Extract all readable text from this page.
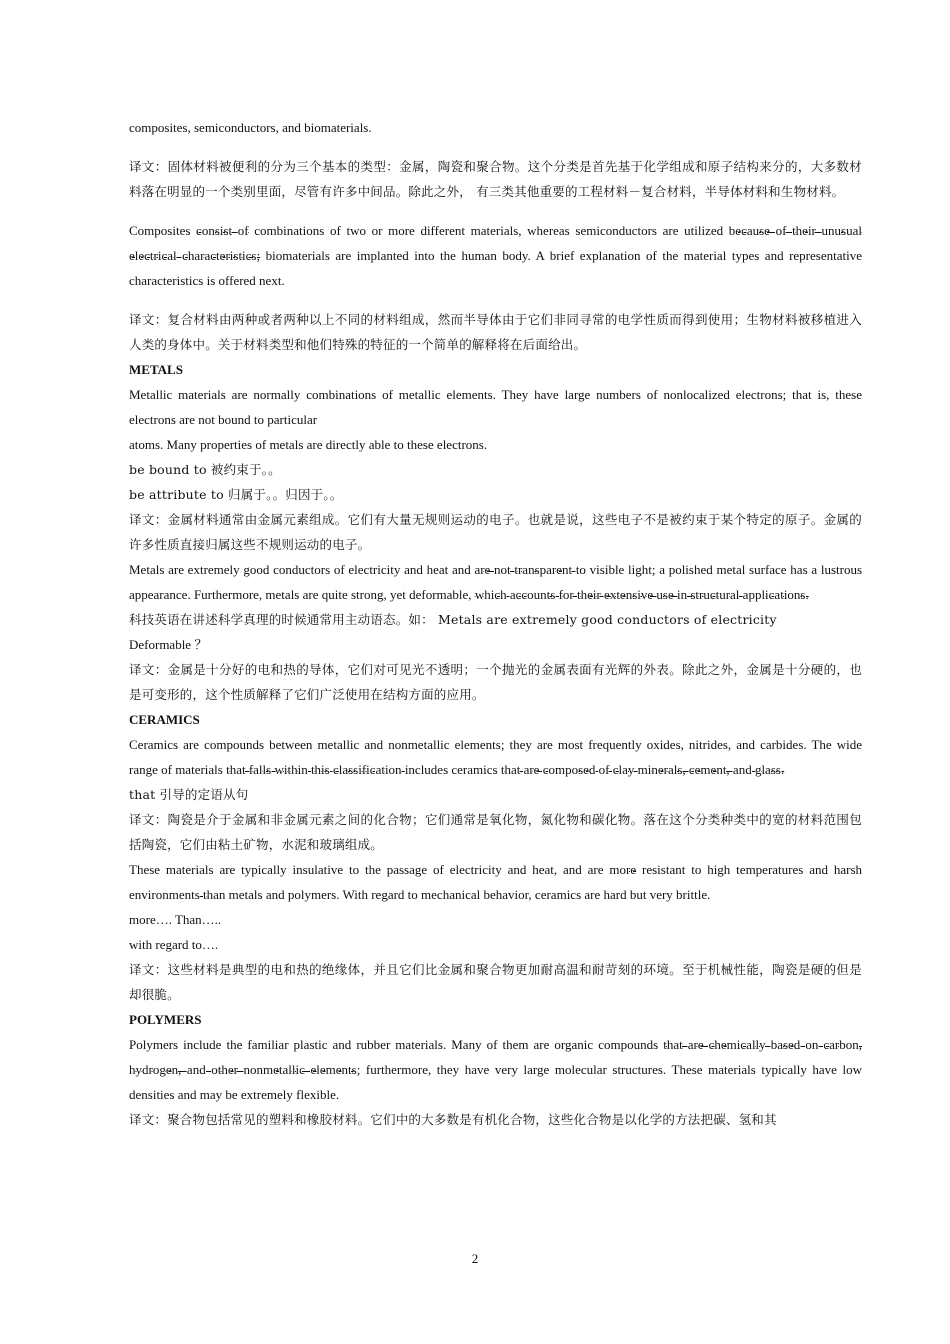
composites, semiconductors, and biomaterials.

译文：固体材料被便利的分为三个基本的类型：金属，陶瓷和聚合物。这个分类是首先基于化学组成和原子结构来分的，大多数材料落在明显的一个类别里面，尽管有许多中间品。除此之外， 有三类其他重要的工程材料－复合材料，半导体材料和生物材料。

Composites consist of combinations of two or more different materials, whereas semiconductors are utilized because of their unusual electrical characteristics; biomaterials are implanted into the human body. A brief explanation of the material types and representative characteristics is offered next.

译文：复合材料由两种或者两种以上不同的材料组成，然而半导体由于它们非同寻常的电学性质而得到使用；生物材料被移植进入人类的身体中。关于材料类型和他们特殊的特征的一个简单的解释将在后面给出。

METALS

Metallic materials are normally combinations of metallic elements. They have large numbers of nonlocalized electrons; that is, these electrons are not bound to particular

atoms. Many properties of metals are directly able to these electrons.

be bound to 被约束于。。

be attribute to 归属于。。归因于。。

译文：金属材料通常由金属元素组成。它们有大量无规则运动的电子。也就是说，这些电子不是被约束于某个特定的原子。金属的许多性质直接归属这些不规则运动的电子。

Metals are extremely good conductors of electricity and heat and are not transparent to visible light; a polished metal surface has a lustrous appearance. Furthermore, metals are quite strong, yet deformable, which accounts for their extensive use in structural applications.

科技英语在讲述科学真理的时候通常用主动语态。如： Metals are extremely good conductors of electricity

Deformable ？

译文：金属是十分好的电和热的导体，它们对可见光不透明；一个抛光的金属表面有光辉的外表。除此之外，金属是十分硬的，也是可变形的，这个性质解释了它们广泛使用在结构方面的应用。

CERAMICS

Ceramics are compounds between metallic and nonmetallic elements; they are most frequently oxides, nitrides, and carbides. The wide range of materials that falls within this classification includes ceramics that are composed of clay minerals, cement, and glass.

that 引导的定语从句

译文：陶瓷是介于金属和非金属元素之间的化合物；它们通常是氧化物，氮化物和碳化物。落在这个分类种类中的宽的材料范围包括陶瓷，它们由粘土矿物，水泥和玻璃组成。

These materials are typically insulative to the passage of electricity and heat, and are more resistant to high temperatures and harsh environments than metals and polymers. With regard to mechanical behavior, ceramics are hard but very brittle.

more…. Than…..

with regard to….

译文：这些材料是典型的电和热的绝缘体，并且它们比金属和聚合物更加耐高温和耐苛刻的环境。至于机械性能，陶瓷是硬的但是却很脆。

POLYMERS

Polymers include the familiar plastic and rubber materials. Many of them are organic compounds that are chemically based on carbon, hydrogen, and other nonmetallic elements; furthermore, they have very large molecular structures. These materials typically have low densities and may be extremely flexible.

译文：聚合物包括常见的塑料和橡胶材料。它们中的大多数是有机化合物，这些化合物是以化学的方法把碳、氢和其

2
